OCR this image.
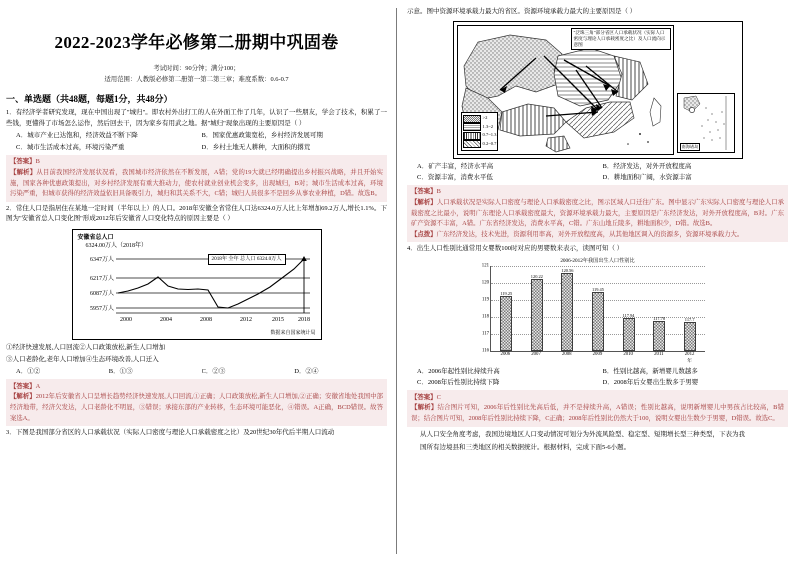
2022-2023学年必修第二册期中巩固卷
考试时间：90分钟；满分100；
适用范围：人教版必修第二册第一第二第三章；难度系数：0.6-0.7
一、单选题（共48题，每题1分，共48分）
1．有经济学者研究发现，现在中国出现了"城归"。即农村外出打工的人在外面工作了几年，认识了一些朋友，学会了技术，积累了一些钱，更懂得了市场怎么运作，然后回去干，因为家乡有用武之地。据"城归"现象出现的主要原因是（ ）
A．城市产业已达饱和，经济效益不断下降	B．国家优惠政策宽松，乡村经济发展可期
C．城市生活成本过高，环境污染严重	D．乡村土地无人耕种，大面积的撂荒

【答案】B

【解析】从目前我国经济发展状况看，我国城市经济依然在不断发展，A错；党的19大就已经明确提出乡村振兴战略，并且开始实施，国家各种优惠政策提出，对乡村经济发展有重大推动力，使农村就业创业机会变多，出现城归，B对；城市生活成本过高，环境污染严重，但城市获得的经济效益依旧具备吸引力，城归和其关系不大，C错；城归人员很多不是回乡从事农业种植，D错。故选B。

2．常住人口是指居住在某地一定时间（半年以上）的人口。2018年安徽全省常住人口达6324.0万人比上年增加69.2万人,增长1.1%。下图为"安徽省总人口变化图"形成2012年后安徽省人口变化特点的原因主要是（ ）
安徽省总人口
6324.00万人（2018年）
6347万人
6217万人
6087万人
5957万人
2000	2004	2008	2012	2015 2018
2018年 全年 总人口 6324.0万人
数据来自国家统计局
①经济快速发展,人口回流②人口政策放松,新生人口增加
③人口老龄化,老年人口增加④生态环境改善,人口迁入
A．①②	B．①③	C．②③	D．②④

【答案】A

【解析】2012年后安徽省人口呈增长趋势经济快速发展,人口回流,①正确；人口政策放松,新生人口增加,②正确；安徽省地处我国中部经济地带，经济欠发达，人口老龄化不明显，③错误；承接东部的产业转移，生态环境可能恶化，④错误。A正确，BCD错误。故答案选A。

3．下图是我国部分省区的人口承载状况（实际人口密度与理论人口承载密度之比）及20世纪30年代后半期人口流动
示意。图中资源环境承载力最大的省区。资源环境承载力最大的主要原因是（ ）
"泛珠三角"部分省区人口承载状况（实际人口密度与理论人口承载密度之比）及人口流向示意图
>2
1.3~2
0.7~1.3
0.2~0.7
南海诸岛
A．矿产丰富，经济水平高	B．经济发达，对外开放程度高
C．资源丰富，消费水平低	D．耕地面积广阔，水资源丰富

【答案】B

【解析】人口承载状况是实际人口密度与理论人口承载密度之比，图示区域人口迁往广东。图中显示广东实际人口密度与理论人口承载密度之比最小，说明广东理论人口承载密度最大，资源环境承载力最大，主要原因是广东经济发达，对外开放程度高，B对。广东矿产资源不丰富，A错。广东省经济发达，消费水平高，C错。广东山地丘陵多，耕地面积少，D错。故选B。

【点拨】广东经济发达，技术先进，资源利用率高，对外开放程度高，从其他地区调入的资源多，资源环境承载力大。

4．出生人口性别比通常用女婴数100时对应的男婴数来表示，读图可知（ ）
2006-2012年我国出生人口性别比
121
120
119
118
117
116
119.25
120.22
120.56
119.45
117.94
117.78	117.7
2006	2007	2008	2009	2010	2011	2012年
A．2006年起性别比持续升高	B．性别比越高，新增婴儿数越多
C．2008年后性别比持续下降	D．2008年后女婴出生数多于男婴

【答案】C

【解析】结合图片可知，2006年后性别比先高后低，并不是持续升高，A错误；性别比越高，说明新增婴儿中男孩占比较高，B错误；结合图片可知，2008年后性别比持续下降，C正确；2008年后性别比仍然大于100，说明女婴出生数少于男婴，D错误。故选C。

从人口安全角度考虑，我国边境地区人口变动情况可划分为外流风险型、稳定型、短期增长型三种类型，下表为我
国所有边境县和三类地区的相关数据统计。根据材料，完成下面5-6小题。
